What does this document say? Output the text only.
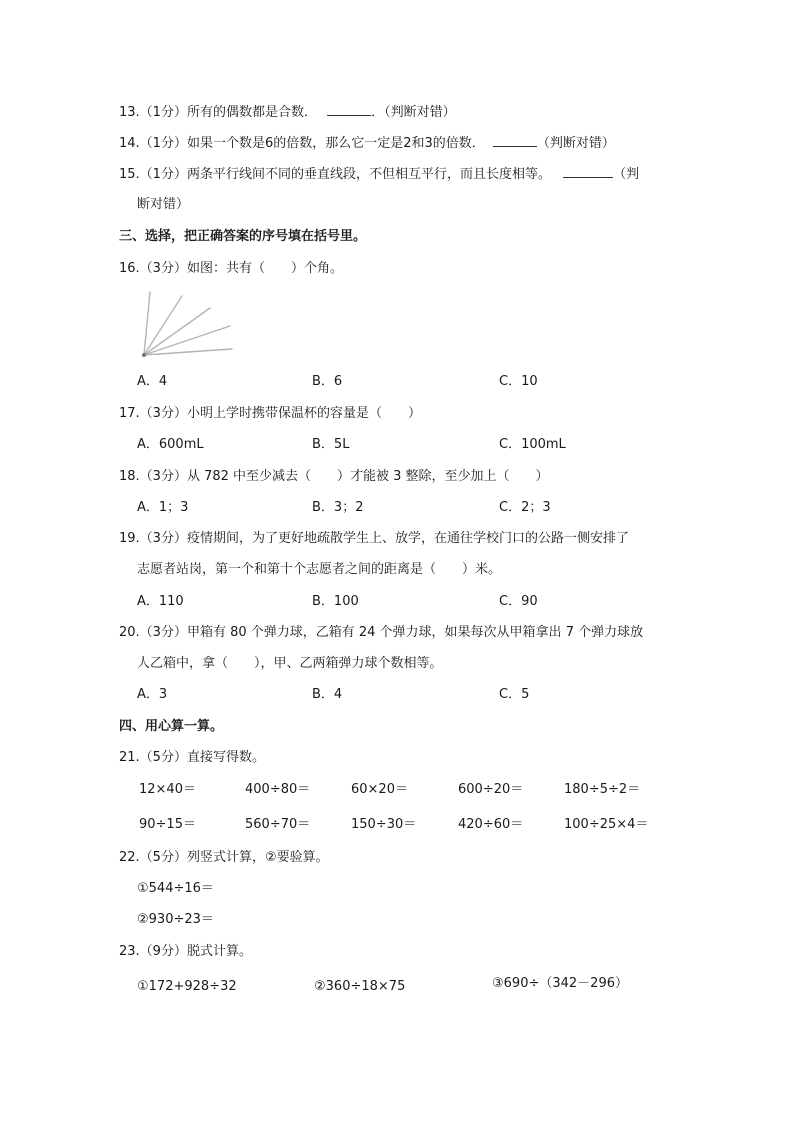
13.（1分）所有的偶数都是合数．	．（判断对错）
14.（1分）如果一个数是6的倍数，那么它一定是2和3的倍数．	（判断对错）
15.（1分）两条平行线间不同的垂直线段，不但相互平行，而且长度相等。	（判
断对错）
三、选择，把正确答案的序号填在括号里。
16.（3分）如图：共有（　　）个角。
A．4	B．6	C．10
17.（3分）小明上学时携带保温杯的容量是（　　）
A．600mL	B．5L	C．100mL
18.（3分）从 782 中至少减去（　　）才能被 3 整除，至少加上（　　）
A．1；3	B．3；2	C．2；3
19.（3分）疫情期间，为了更好地疏散学生上、放学，在通往学校门口的公路一侧安排了
志愿者站岗，第一个和第十个志愿者之间的距离是（　　）米。
A．110	B．100	C．90
20.（3分）甲箱有 80 个弹力球，乙箱有 24 个弹力球，如果每次从甲箱拿出 7 个弹力球放
人乙箱中，拿（　　），甲、乙两箱弹力球个数相等。
A．3	B．4	C．5
四、用心算一算。
21.（5分）直接写得数。
12×40＝	400÷80＝	60×20＝	600÷20＝	180÷5÷2＝
90÷15＝	560÷70＝	150÷30＝	420÷60＝	100÷25×4＝
22.（5分）列竖式计算，②要验算。
①544÷16＝
②930÷23＝
23.（9分）脱式计算。
①172+928÷32	②360÷18×75	③690÷（342－296）
